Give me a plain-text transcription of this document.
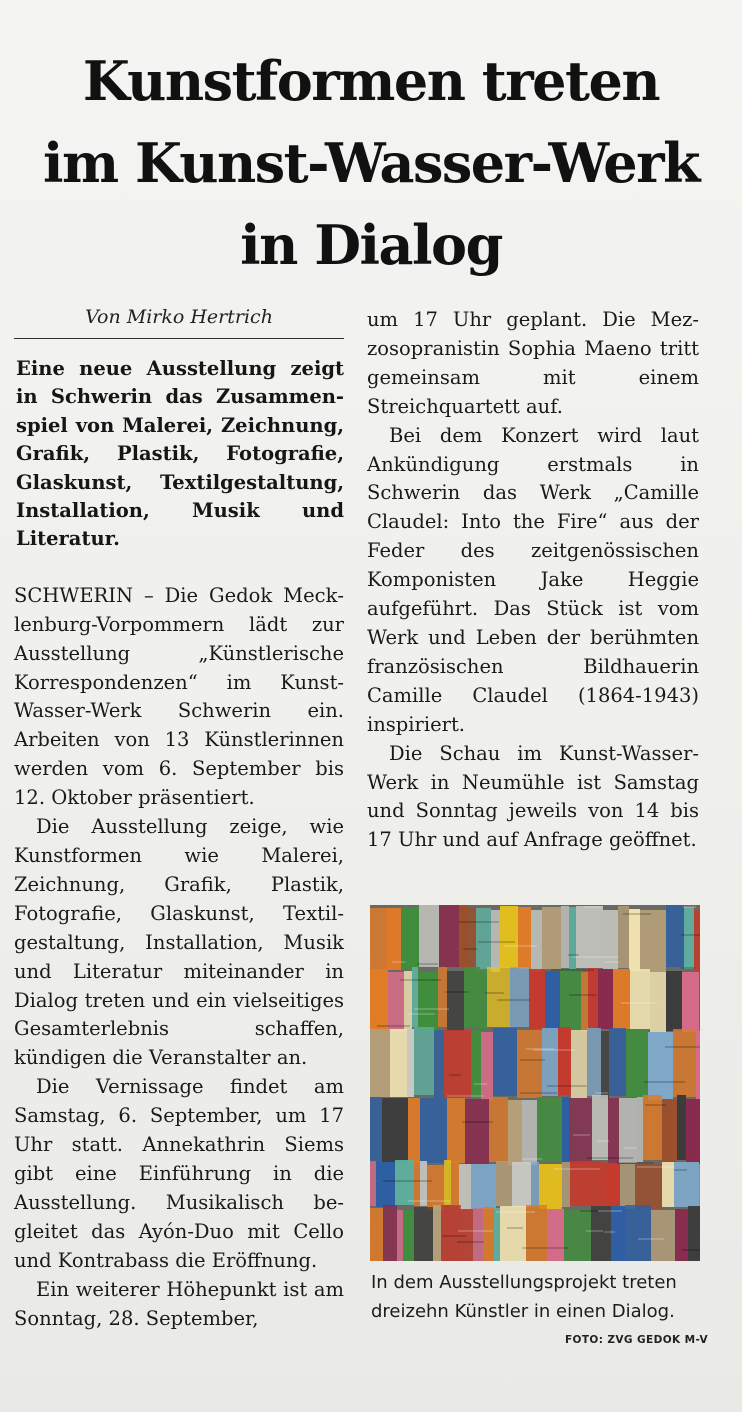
Kunstformen treten
im Kunst-Wasser-Werk
in Dialog
Von Mirko Hertrich

Eine neue Ausstellung zeigt in Schwerin das Zusammenspiel von Malerei, Zeichnung, Grafik, Plastik, Fotografie, Glaskunst, Textilgestaltung, Installation, Musik und Literatur.

SCHWERIN – Die Gedok Mecklenburg-Vorpommern lädt zur Ausstellung „Künstlerische Korrespondenzen“ im Kunst-Wasser-Werk Schwerin ein. Arbeiten von 13 Künstlerinnen werden vom 6. September bis 12. Oktober präsentiert.

Die Ausstellung zeige, wie Kunstformen wie Malerei, Zeichnung, Grafik, Plastik, Fotografie, Glaskunst, Textilgestaltung, Installation, Musik und Literatur miteinander in Dialog treten und ein vielseitiges Gesamterlebnis schaffen, kündigen die Veranstalter an.

Die Vernissage findet am Samstag, 6. September, um 17 Uhr statt. Annekathrin Siems gibt eine Einführung in die Ausstellung. Musikalisch begleitet das Ayón-Duo mit Cello und Kontrabass die Eröffnung.

Ein weiterer Höhepunkt ist am Sonntag, 28. September,

um 17 Uhr geplant. Die Mezzosopranistin Sophia Maeno tritt gemeinsam mit einem Streichquartett auf.

Bei dem Konzert wird laut Ankündigung erstmals in Schwerin das Werk „Camille Claudel: Into the Fire“ aus der Feder des zeitgenössischen Komponisten Jake Heggie aufgeführt. Das Stück ist vom Werk und Leben der berühmten französischen Bildhauerin Camille Claudel (1864-1943) inspiriert.

Die Schau im Kunst-Wasser-Werk in Neumühle ist Samstag und Sonntag jeweils von 14 bis 17 Uhr und auf Anfrage geöffnet.

In dem Ausstellungsprojekt treten dreizehn Künstler in einen Dialog.
FOTO: ZVG GEDOK M-V
